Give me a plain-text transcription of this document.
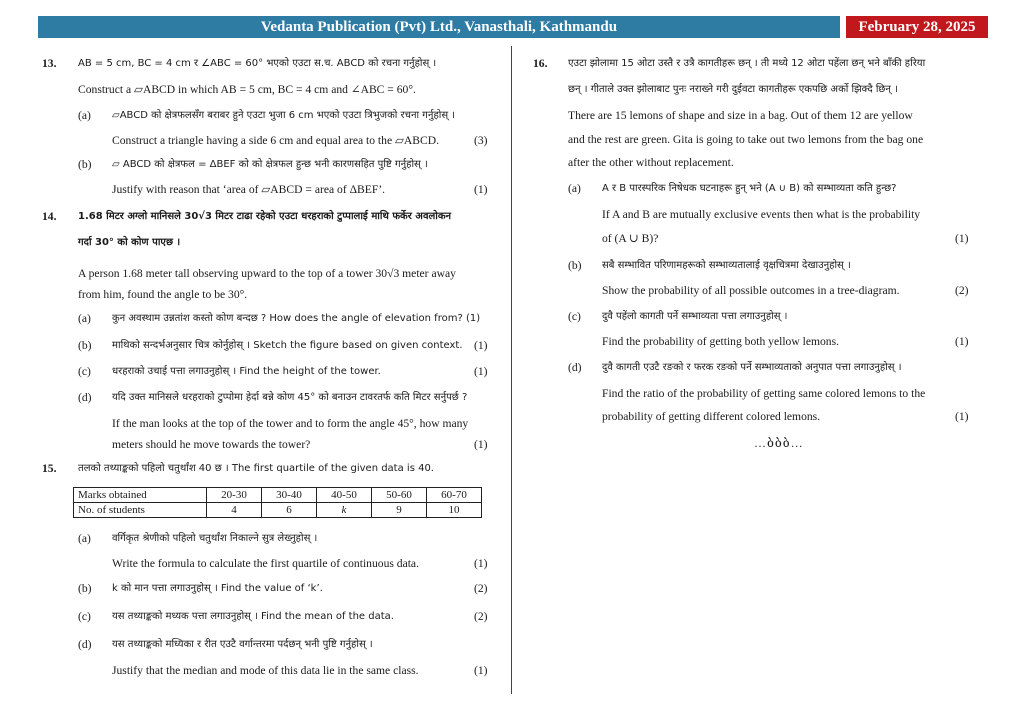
Vedanta Publication (Pvt) Ltd., Vanasthali, Kathmandu	February 28, 2025
13. AB = 5 cm, BC = 4 cm र ∠ABC = 60° भएको एउटा स.च. ABCD को रचना गर्नुहोस् ।
Construct a ▱ABCD in which AB = 5 cm, BC = 4 cm and ∠ABC = 60°.
(a) ▱ABCD को क्षेत्रफलसँग बराबर हुने एउटा भुजा 6 cm भएको एउटा त्रिभुजको रचना गर्नुहोस् ।
Construct a triangle having a side 6 cm and equal area to the ▱ABCD.	(3)
(b) ▱ ABCD को क्षेत्रफल = ΔBEF को को क्षेत्रफल हुन्छ भनी कारणसहित पुष्टि गर्नुहोस् ।
Justify with reason that ‘area of ▱ABCD = area of ΔBEF’.	(1)
14. 1.68 मिटर अग्लो मानिसले 30√3 मिटर टाढा रहेको एउटा धरहराको टुप्पालाई माथि फर्केर अवलोकन
गर्दा 30° को कोण पाएछ ।
A person 1.68 meter tall observing upward to the top of a tower 30√3 meter away
from him, found the angle to be 30°.
(a) कुन अवस्थाम उन्नतांश कस्तो कोण बन्दछ ? How does the angle of elevation from? (1)
(b) माथिको सन्दर्भअनुसार चित्र कोर्नुहोस् । Sketch the figure based on given context. (1)
(c) धरहराको उचाई पत्ता लगाउनुहोस् । Find the height of the tower.	(1)
(d) यदि उक्त मानिसले धरहराको टुप्पोमा हेर्दा बन्ने कोण 45° को बनाउन टावरतर्फ कति मिटर सर्नुपर्छ ?
If the man looks at the top of the tower and to form the angle 45°, how many
meters should he move towards the tower?	(1)
15. तलको तथ्याङ्कको पहिलो चतुर्थांश 40 छ । The first quartile of the given data is 40.
Marks obtained	20-30	30-40	40-50	50-60	60-70
No. of students	4	6	k	9	10
(a) वर्गिकृत श्रेणीको पहिलो चतुर्थांश निकाल्ने सुत्र लेख्नुहोस् ।
Write the formula to calculate the first quartile of continuous data.	(1)
(b) k को मान पत्ता लगाउनुहोस् । Find the value of ‘k’.	(2)
(c) यस तथ्याङ्कको मध्यक पत्ता लगाउनुहोस् । Find the mean of the data.	(2)
(d) यस तथ्याङ्कको मध्यिका र रीत एउटै वर्गान्तरमा पर्दछन् भनी पुष्टि गर्नुहोस् ।
Justify that the median and mode of this data lie in the same class.	(1)
16. एउटा झोलामा 15 ओटा उस्तै र उत्रै कागतीहरू छन् । ती मध्ये 12 ओटा पहेंला छन् भने बाँकी हरिया
छन् । गीताले उक्त झोलाबाट पुनः नराख्ने गरी दुईवटा कागतीहरू एकपछि अर्को झिक्दै छिन् ।
There are 15 lemons of shape and size in a bag. Out of them 12 are yellow
and the rest are green. Gita is going to take out two lemons from the bag one
after the other without replacement.
(a) A र B पारस्परिक निषेधक घटनाहरू हुन् भने (A ∪ B) को सम्भाव्यता कति हुन्छ?
If A and B are mutually exclusive events then what is the probability
of (A ∪ B)?	(1)
(b) सबै सम्भावित परिणामहरूको सम्भाव्यतालाई वृक्षचित्रमा देखाउनुहोस् ।
Show the probability of all possible outcomes in a tree-diagram.	(2)
(c) दुवै पहेंलो कागती पर्ने सम्भाव्यता पत्ता लगाउनुहोस् ।
Find the probability of getting both yellow lemons.	(1)
(d) दुवै कागती एउटै रङको र फरक रङको पर्ने सम्भाव्यताको अनुपात पत्ता लगाउनुहोस् ।
Find the ratio of the probability of getting same colored lemons to the
probability of getting different colored lemons.	(1)
…ბბბ…
